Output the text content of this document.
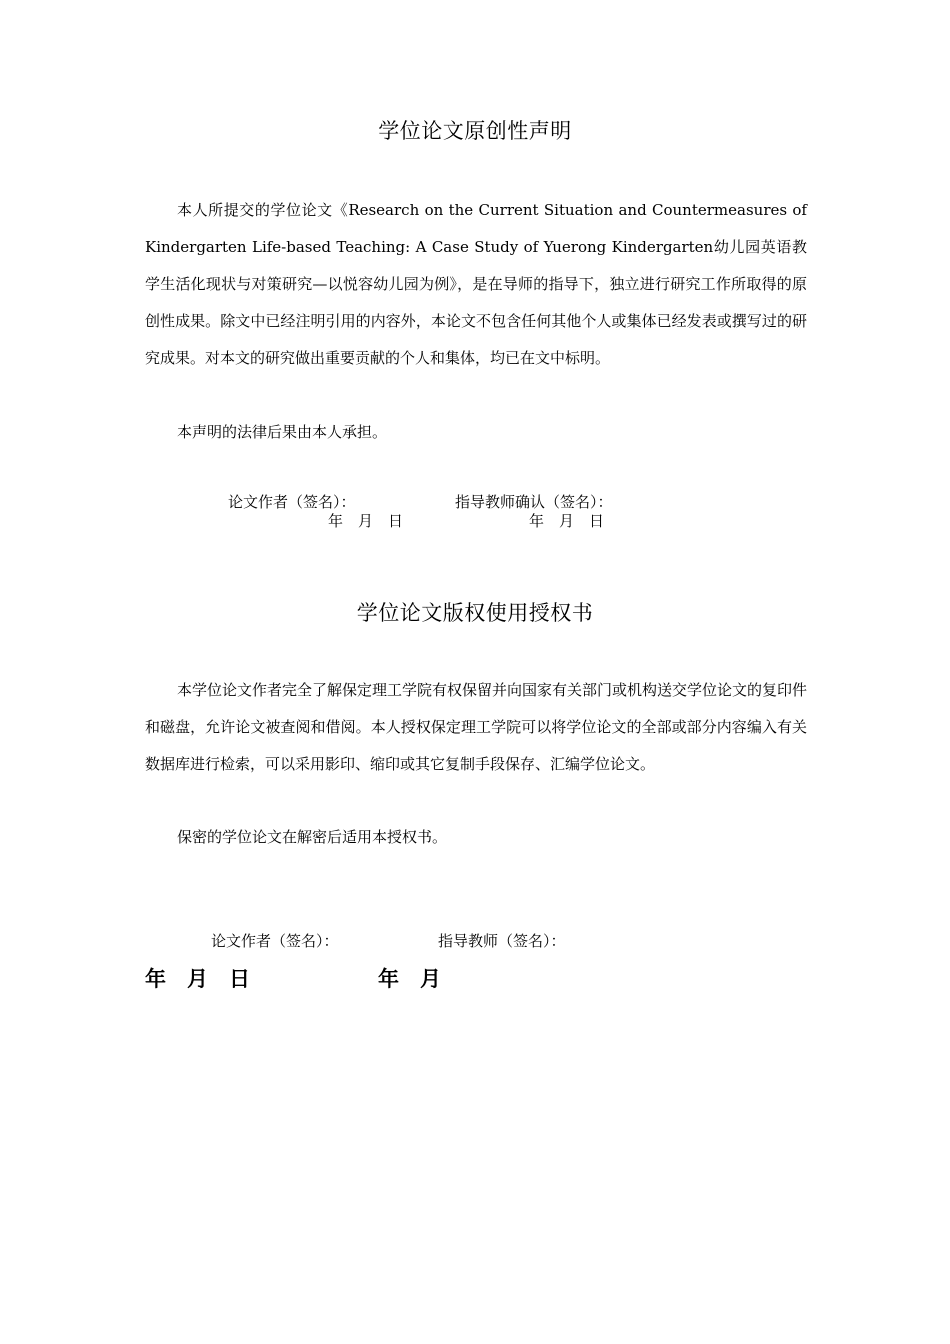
学位论文原创性声明

本人所提交的学位论文《Research on the Current Situation and Countermeasures of Kindergarten Life-based Teaching: A Case Study of Yuerong Kindergarten幼儿园英语教学生活化现状与对策研究—以悦容幼儿园为例》，是在导师的指导下，独立进行研究工作所取得的原创性成果。除文中已经注明引用的内容外，本论文不包含任何其他个人或集体已经发表或撰写过的研究成果。对本文的研究做出重要贡献的个人和集体，均已在文中标明。

本声明的法律后果由本人承担。

论文作者（签名）：	指导教师确认（签名）：
年　月　日	年　月　日
学位论文版权使用授权书

本学位论文作者完全了解保定理工学院有权保留并向国家有关部门或机构送交学位论文的复印件和磁盘，允许论文被查阅和借阅。本人授权保定理工学院可以将学位论文的全部或部分内容编入有关数据库进行检索，可以采用影印、缩印或其它复制手段保存、汇编学位论文。

保密的学位论文在解密后适用本授权书。

论文作者（签名）：	指导教师（签名）：
年　月　日	年　月
